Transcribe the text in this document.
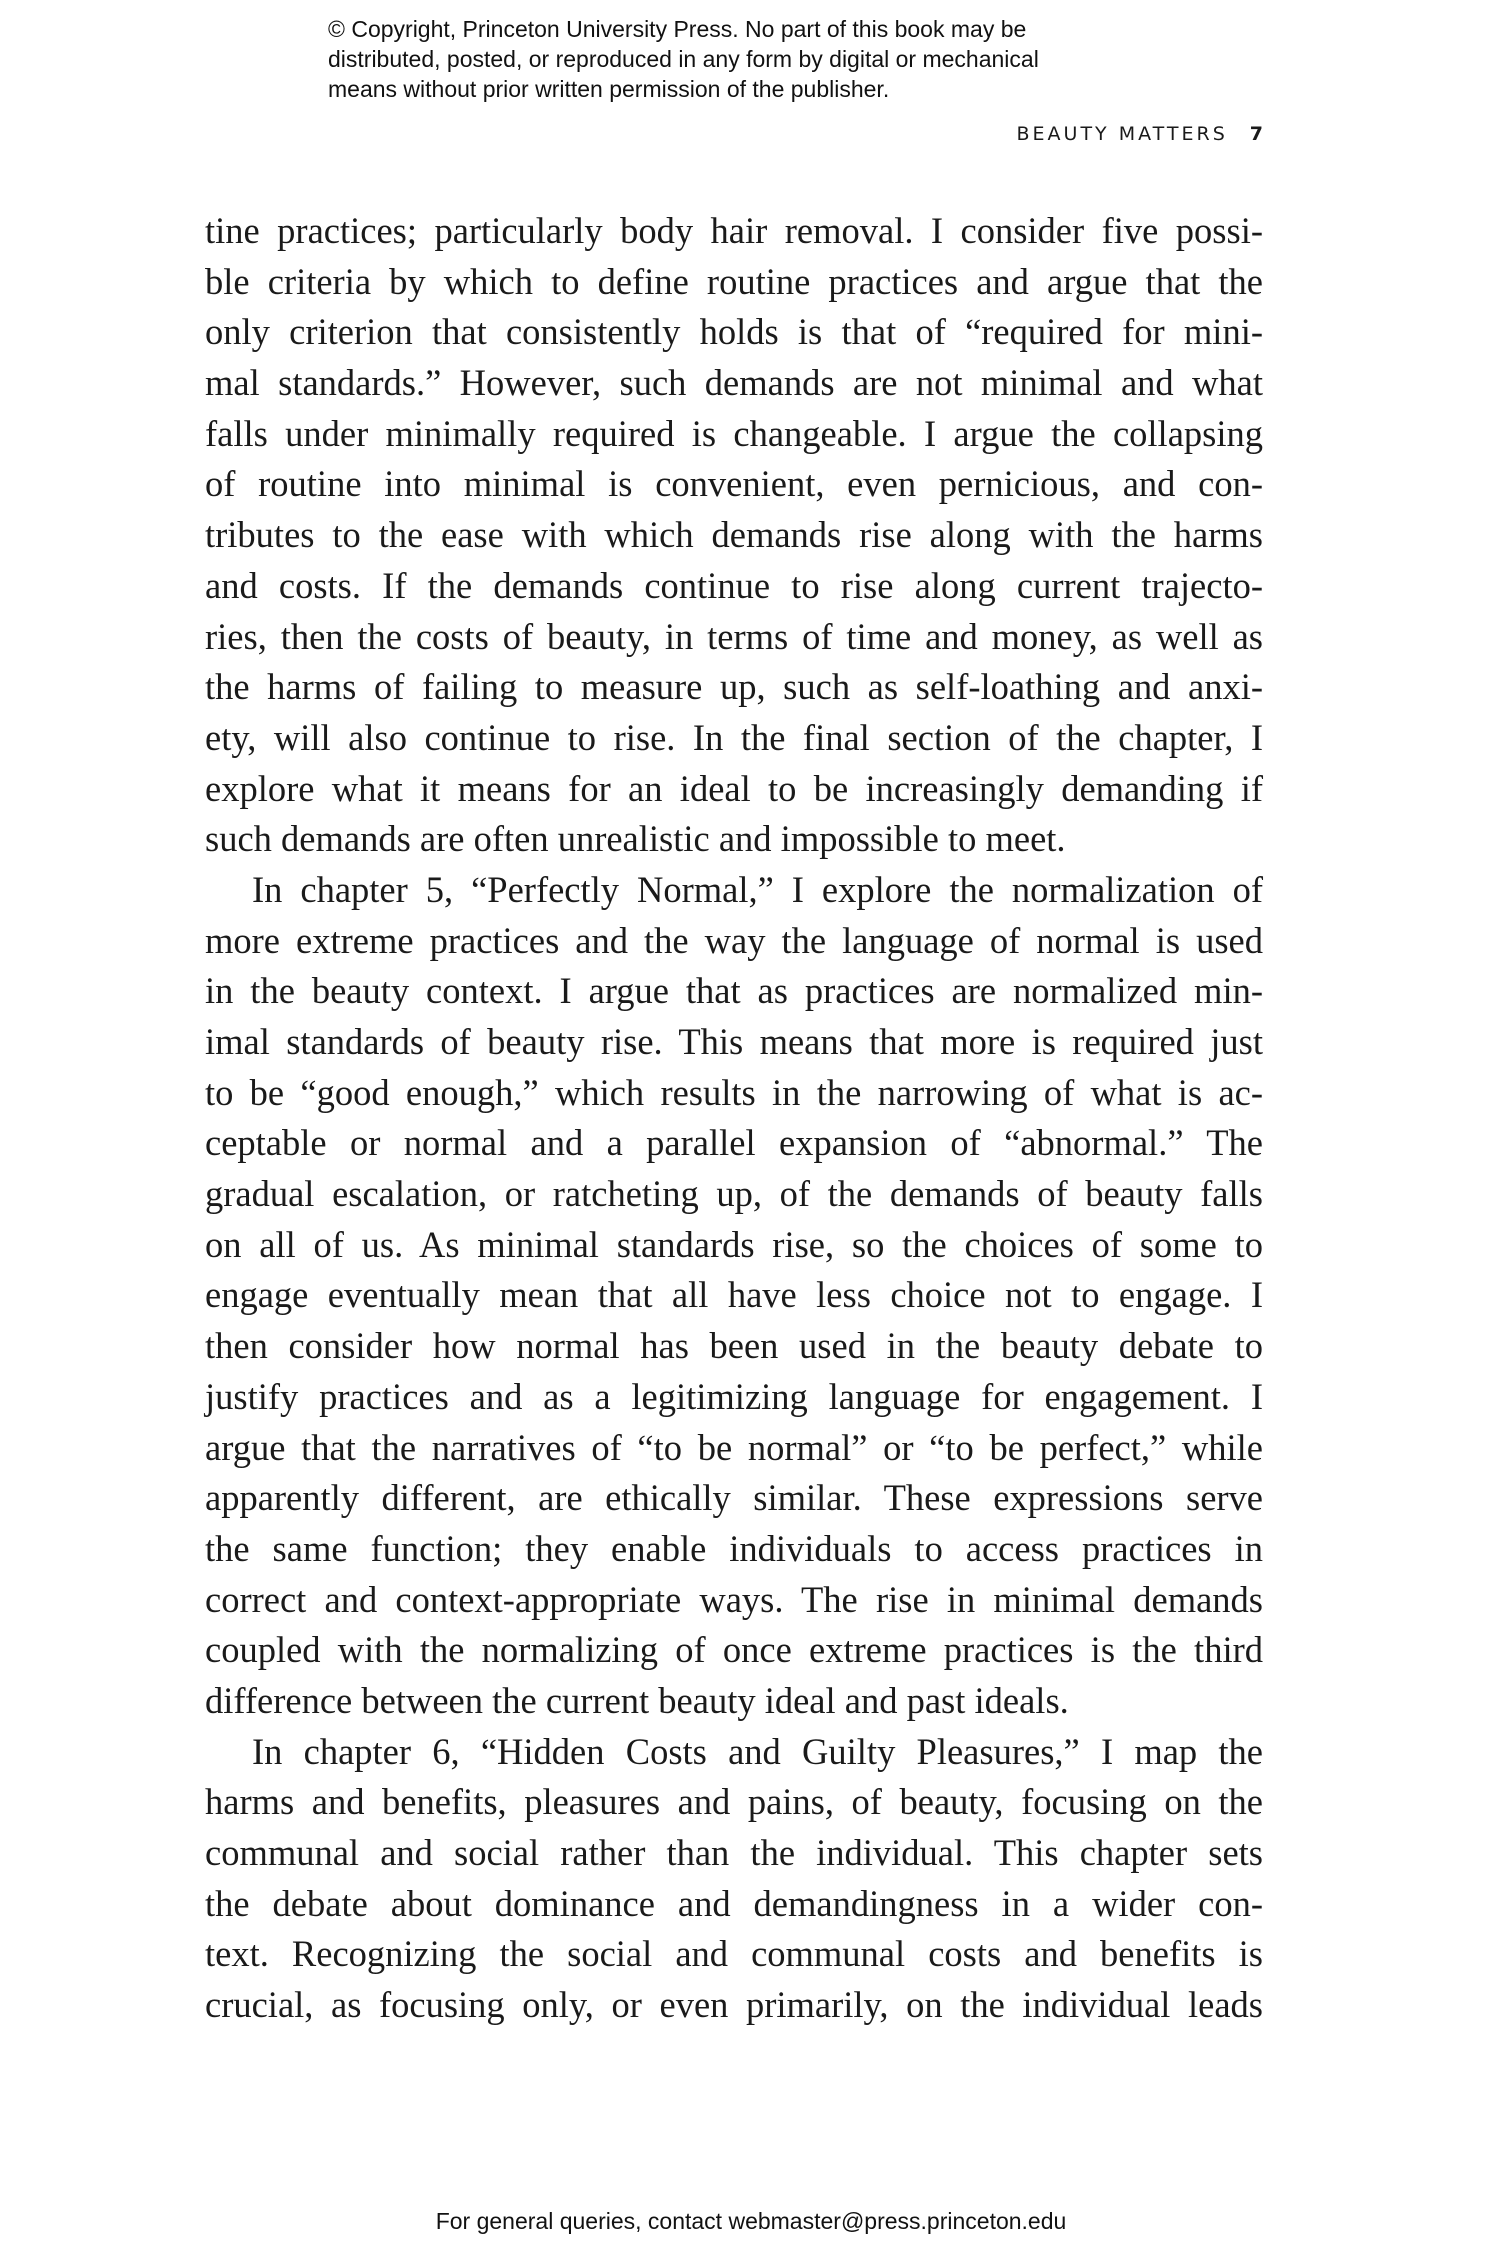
© Copyright, Princeton University Press. No part of this book may be
distributed, posted, or reproduced in any form by digital or mechanical
means without prior written permission of the publisher.
BEAUTY MATTERS 7
tine practices; particularly body hair removal. I consider five possi-
ble criteria by which to define routine practices and argue that the
only criterion that consistently holds is that of “required for mini-
mal standards.” However, such demands are not minimal and what
falls under minimally required is changeable. I argue the collapsing
of routine into minimal is convenient, even pernicious, and con-
tributes to the ease with which demands rise along with the harms
and costs. If the demands continue to rise along current trajecto-
ries, then the costs of beauty, in terms of time and money, as well as
the harms of failing to measure up, such as self-loathing and anxi-
ety, will also continue to rise. In the final section of the chapter, I
explore what it means for an ideal to be increasingly demanding if
such demands are often unrealistic and impossible to meet.
In chapter 5, “Perfectly Normal,” I explore the normalization of
more extreme practices and the way the language of normal is used
in the beauty context. I argue that as practices are normalized min-
imal standards of beauty rise. This means that more is required just
to be “good enough,” which results in the narrowing of what is ac-
ceptable or normal and a parallel expansion of “abnormal.” The
gradual escalation, or ratcheting up, of the demands of beauty falls
on all of us. As minimal standards rise, so the choices of some to
engage eventually mean that all have less choice not to engage. I
then consider how normal has been used in the beauty debate to
justify practices and as a legitimizing language for engagement. I
argue that the narratives of “to be normal” or “to be perfect,” while
apparently different, are ethically similar. These expressions serve
the same function; they enable individuals to access practices in
correct and context-appropriate ways. The rise in minimal demands
coupled with the normalizing of once extreme practices is the third
difference between the current beauty ideal and past ideals.
In chapter 6, “Hidden Costs and Guilty Pleasures,” I map the
harms and benefits, pleasures and pains, of beauty, focusing on the
communal and social rather than the individual. This chapter sets
the debate about dominance and demandingness in a wider con-
text. Recognizing the social and communal costs and benefits is
crucial, as focusing only, or even primarily, on the individual leads
For general queries, contact webmaster@press.princeton.edu
